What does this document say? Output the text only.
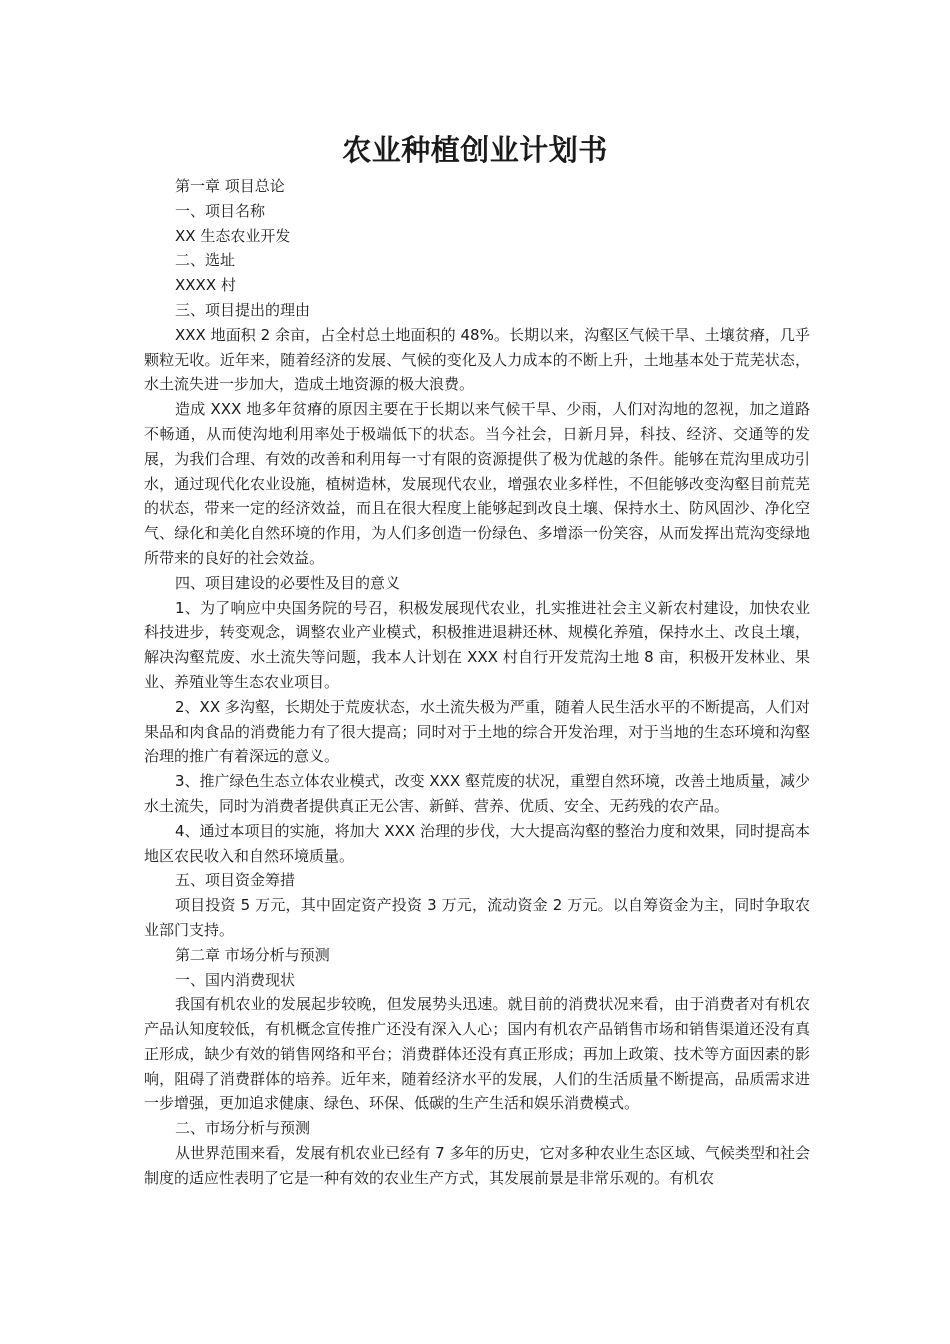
农业种植创业计划书

第一章 项目总论

一、项目名称

XX 生态农业开发

二、选址

XXXX 村

三、项目提出的理由

XXX 地面积 2 余亩，占全村总土地面积的 48%。长期以来，沟壑区气候干旱、土壤贫瘠，几乎颗粒无收。近年来，随着经济的发展、气候的变化及人力成本的不断上升，土地基本处于荒芜状态，水土流失进一步加大，造成土地资源的极大浪费。

造成 XXX 地多年贫瘠的原因主要在于长期以来气候干旱、少雨，人们对沟地的忽视，加之道路不畅通，从而使沟地利用率处于极端低下的状态。当今社会，日新月异，科技、经济、交通等的发展，为我们合理、有效的改善和利用每一寸有限的资源提供了极为优越的条件。能够在荒沟里成功引水，通过现代化农业设施，植树造林，发展现代农业，增强农业多样性，不但能够改变沟壑目前荒芜的状态，带来一定的经济效益，而且在很大程度上能够起到改良土壤、保持水土、防风固沙、净化空气、绿化和美化自然环境的作用，为人们多创造一份绿色、多增添一份笑容，从而发挥出荒沟变绿地所带来的良好的社会效益。

四、项目建设的必要性及目的意义

1、为了响应中央国务院的号召，积极发展现代农业，扎实推进社会主义新农村建设，加快农业科技进步，转变观念，调整农业产业模式，积极推进退耕还林、规模化养殖，保持水土、改良土壤，解决沟壑荒废、水土流失等问题，我本人计划在 XXX 村自行开发荒沟土地 8 亩，积极开发林业、果业、养殖业等生态农业项目。

2、XX 多沟壑，长期处于荒废状态，水土流失极为严重，随着人民生活水平的不断提高，人们对果品和肉食品的消费能力有了很大提高；同时对于土地的综合开发治理，对于当地的生态环境和沟壑治理的推广有着深远的意义。

3、推广绿色生态立体农业模式，改变 XXX 壑荒废的状况，重塑自然环境，改善土地质量，减少水土流失，同时为消费者提供真正无公害、新鲜、营养、优质、安全、无药残的农产品。

4、通过本项目的实施，将加大 XXX 治理的步伐，大大提高沟壑的整治力度和效果，同时提高本地区农民收入和自然环境质量。

五、项目资金筹措

项目投资 5 万元，其中固定资产投资 3 万元，流动资金 2 万元。以自筹资金为主，同时争取农业部门支持。

第二章 市场分析与预测

一、国内消费现状

我国有机农业的发展起步较晚，但发展势头迅速。就目前的消费状况来看，由于消费者对有机农产品认知度较低，有机概念宣传推广还没有深入人心；国内有机农产品销售市场和销售渠道还没有真正形成，缺少有效的销售网络和平台；消费群体还没有真正形成；再加上政策、技术等方面因素的影响，阻碍了消费群体的培养。近年来，随着经济水平的发展，人们的生活质量不断提高，品质需求进一步增强，更加追求健康、绿色、环保、低碳的生产生活和娱乐消费模式。

二、市场分析与预测

从世界范围来看，发展有机农业已经有 7 多年的历史，它对多种农业生态区域、气候类型和社会制度的适应性表明了它是一种有效的农业生产方式，其发展前景是非常乐观的。有机农
